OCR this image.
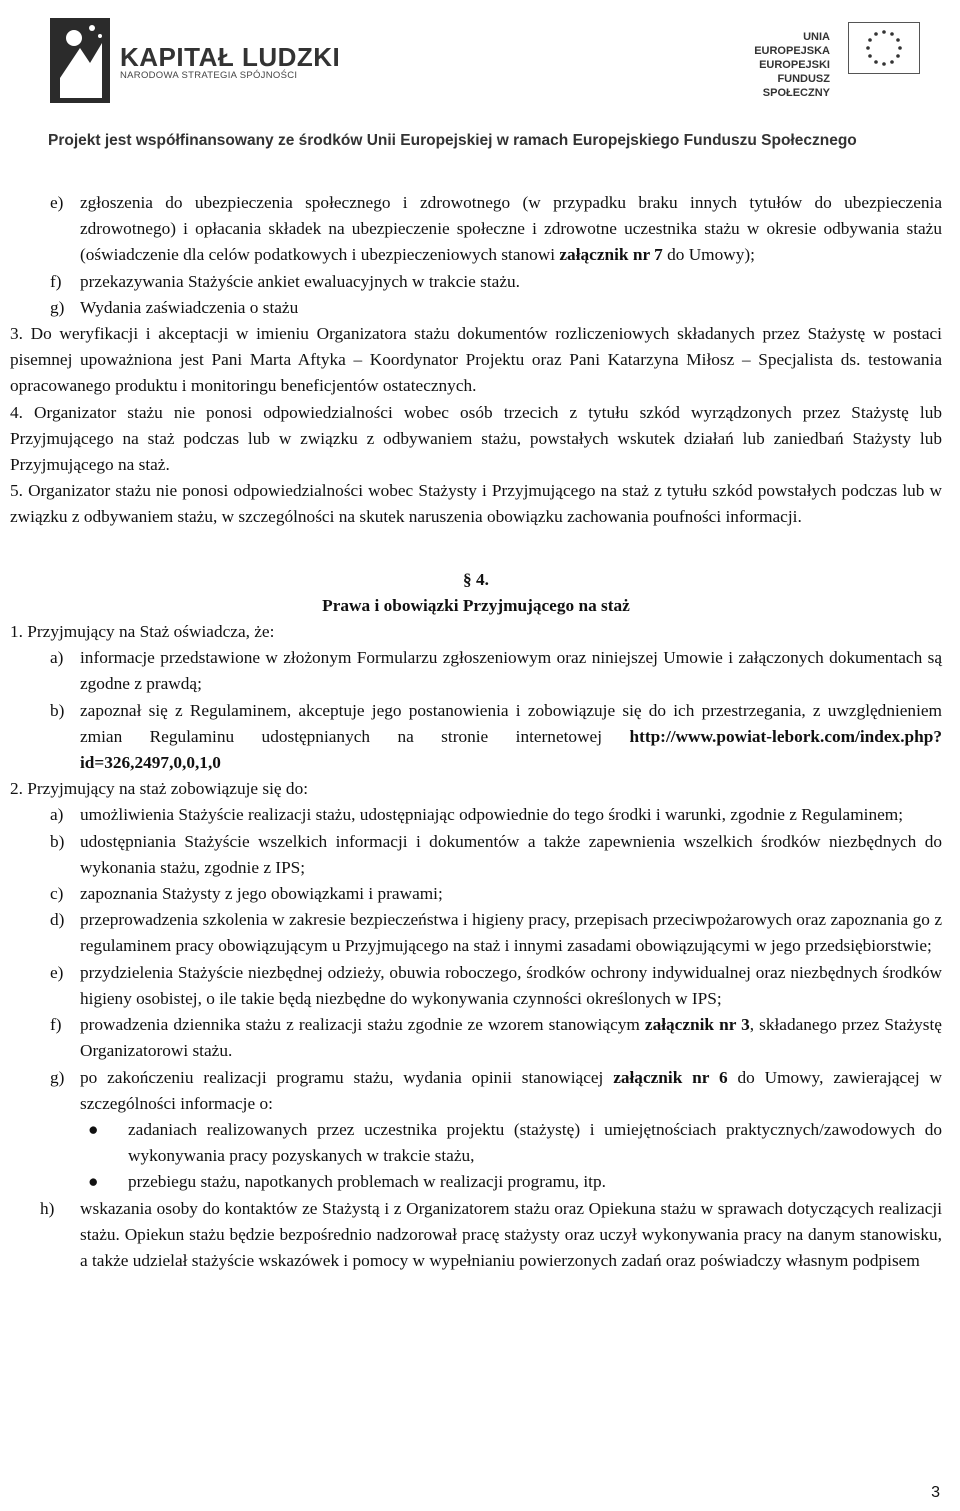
KAPITAŁ LUDZKI
NARODOWA STRATEGIA SPÓJNOŚCI
UNIA EUROPEJSKA
EUROPEJSKI
FUNDUSZ SPOŁECZNY
Projekt jest współfinansowany ze środków Unii Europejskiej w ramach Europejskiego Funduszu Społecznego
e) zgłoszenia do ubezpieczenia społecznego i zdrowotnego (w przypadku braku innych tytułów do ubezpieczenia zdrowotnego) i opłacania składek na ubezpieczenie społeczne i zdrowotne uczestnika stażu w okresie odbywania stażu (oświadczenie dla celów podatkowych i ubezpieczeniowych stanowi załącznik nr 7 do Umowy);
f)	przekazywania Stażyście ankiet ewaluacyjnych w trakcie stażu.
g) Wydania zaświadczenia o stażu

3. Do weryfikacji i akceptacji w imieniu Organizatora stażu dokumentów rozliczeniowych składanych przez Stażystę w postaci pisemnej upoważniona jest Pani Marta Aftyka – Koordynator Projektu oraz Pani Katarzyna Miłosz – Specjalista ds. testowania opracowanego produktu i monitoringu beneficjentów ostatecznych.

4. Organizator stażu nie ponosi odpowiedzialności wobec osób trzecich z tytułu szkód wyrządzonych przez Stażystę lub Przyjmującego na staż podczas lub w związku z odbywaniem stażu, powstałych wskutek działań lub zaniedbań Stażysty lub Przyjmującego na staż.

5. Organizator stażu nie ponosi odpowiedzialności wobec Stażysty i Przyjmującego na staż z tytułu szkód powstałych podczas lub w związku z odbywaniem stażu, w szczególności na skutek naruszenia obowiązku zachowania poufności informacji.

§ 4.

Prawa i obowiązki Przyjmującego na staż

1. Przyjmujący na Staż oświadcza, że:

a) informacje przedstawione w złożonym Formularzu zgłoszeniowym oraz niniejszej Umowie i załączonych dokumentach są zgodne z prawdą;
b) zapoznał się z Regulaminem, akceptuje jego postanowienia i zobowiązuje się do ich przestrzegania, z uwzględnieniem zmian Regulaminu udostępnianych na stronie internetowej http://www.powiat-lebork.com/index.php?id=326,2497,0,0,1,0

2. Przyjmujący na staż zobowiązuje się do:

a) umożliwienia Stażyście realizacji stażu, udostępniając odpowiednie do tego środki i warunki, zgodnie z Regulaminem;
b) udostępniania Stażyście wszelkich informacji i dokumentów a także zapewnienia wszelkich środków niezbędnych do wykonania stażu, zgodnie z IPS;
c) zapoznania Stażysty z jego obowiązkami i prawami;
d) przeprowadzenia szkolenia w zakresie bezpieczeństwa i higieny pracy, przepisach przeciwpożarowych oraz zapoznania go z regulaminem pracy obowiązującym u Przyjmującego na staż i innymi zasadami obowiązującymi w jego przedsiębiorstwie;
e) przydzielenia Stażyście niezbędnej odzieży, obuwia roboczego, środków ochrony indywidualnej oraz niezbędnych środków higieny osobistej, o ile takie będą niezbędne do wykonywania czynności określonych w IPS;
f)	prowadzenia dziennika stażu z realizacji stażu zgodnie ze wzorem stanowiącym załącznik nr 3, składanego przez Stażystę Organizatorowi stażu.
g) po zakończeniu realizacji programu stażu, wydania opinii stanowiącej załącznik nr 6 do Umowy, zawierającej w szczególności informacje o:
●	zadaniach realizowanych przez uczestnika projektu (stażystę) i umiejętnościach praktycznych/zawodowych do wykonywania pracy pozyskanych w trakcie stażu,
●	przebiegu stażu, napotkanych problemach w realizacji programu, itp.
h)	wskazania osoby do kontaktów ze Stażystą i z Organizatorem stażu oraz Opiekuna stażu w sprawach dotyczących realizacji stażu. Opiekun stażu będzie bezpośrednio nadzorował pracę stażysty oraz uczył wykonywania pracy na danym stanowisku, a także udzielał stażyście wskazówek i pomocy w wypełnianiu powierzonych zadań oraz poświadczy własnym podpisem
3
